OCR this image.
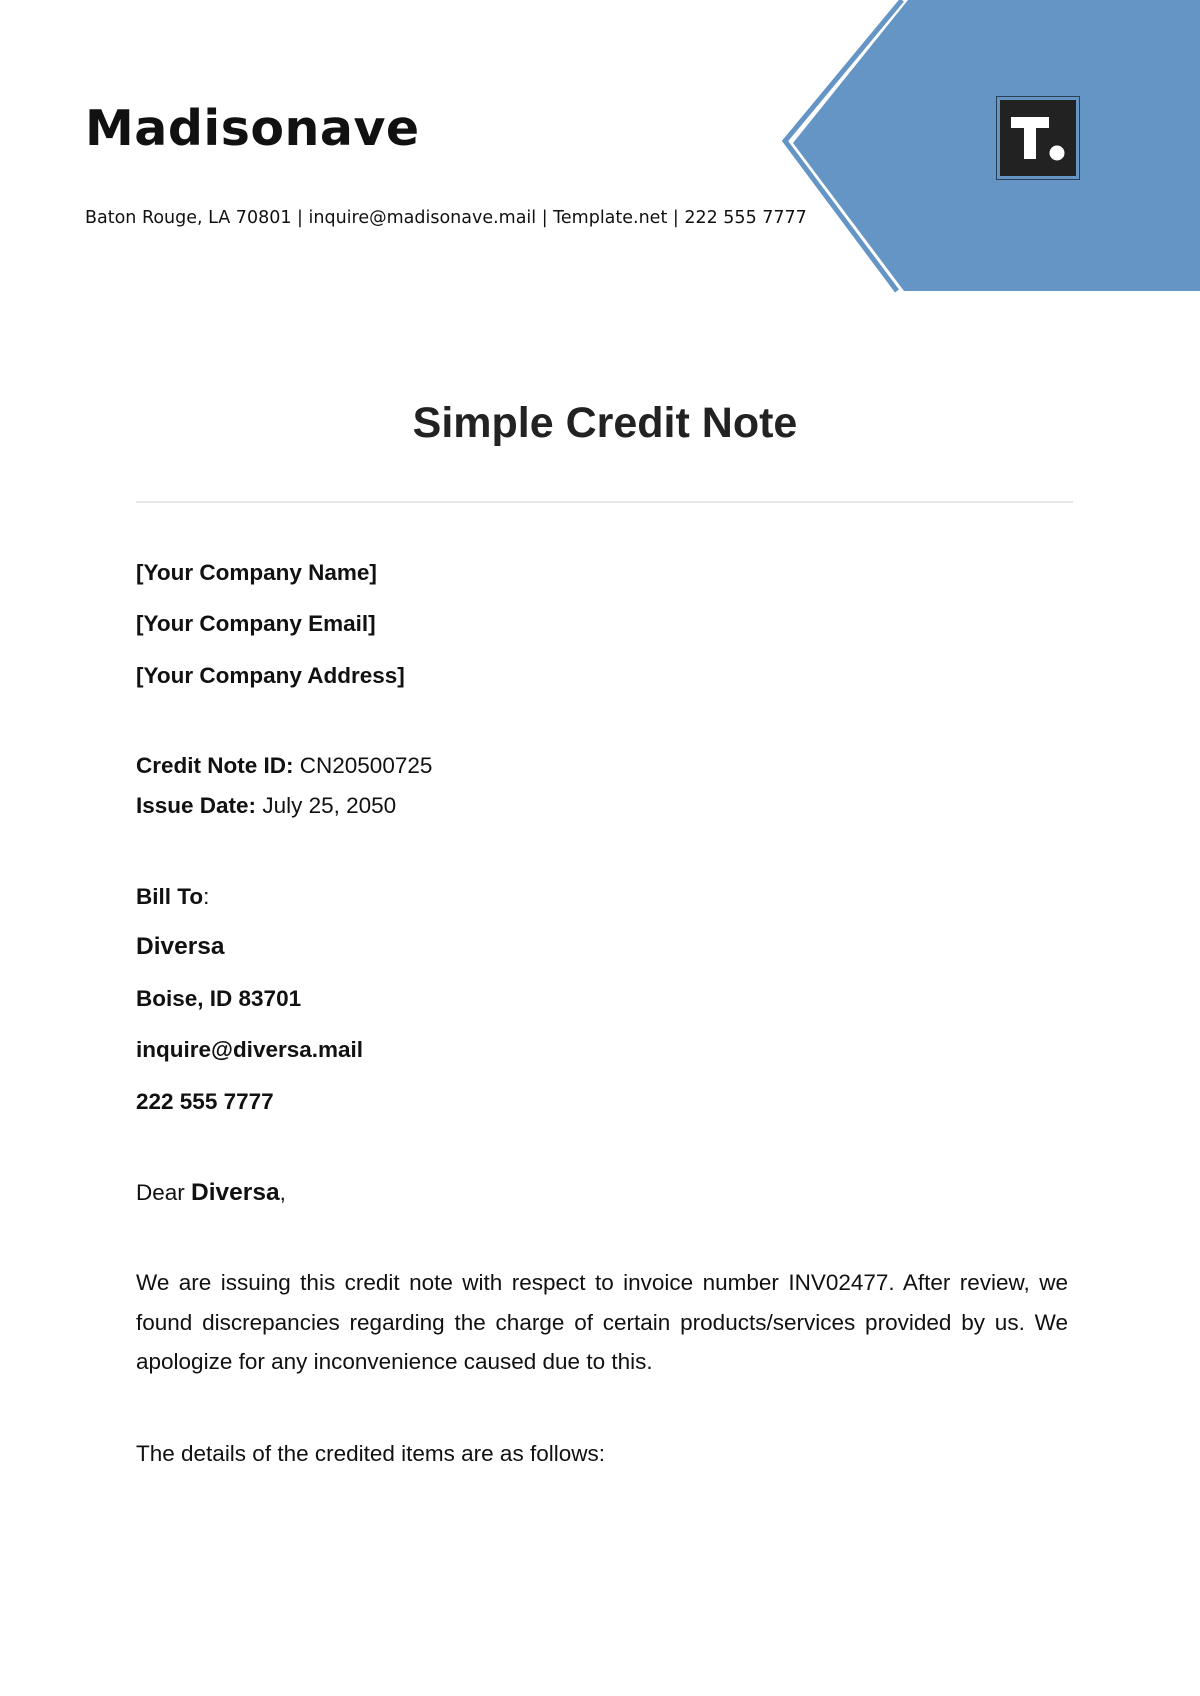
Madisonave
Baton Rouge, LA 70801 | inquire@madisonave.mail | Template.net | 222 555 7777
Simple Credit Note
[Your Company Name]
[Your Company Email]
[Your Company Address]
Credit Note ID: CN20500725
Issue Date: July 25, 2050
Bill To:
Diversa
Boise, ID 83701
inquire@diversa.mail
222 555 7777
Dear Diversa,
We are issuing this credit note with respect to invoice number INV02477. After review, we found discrepancies regarding the charge of certain products/services provided by us. We apologize for any inconvenience caused due to this.
The details of the credited items are as follows:
